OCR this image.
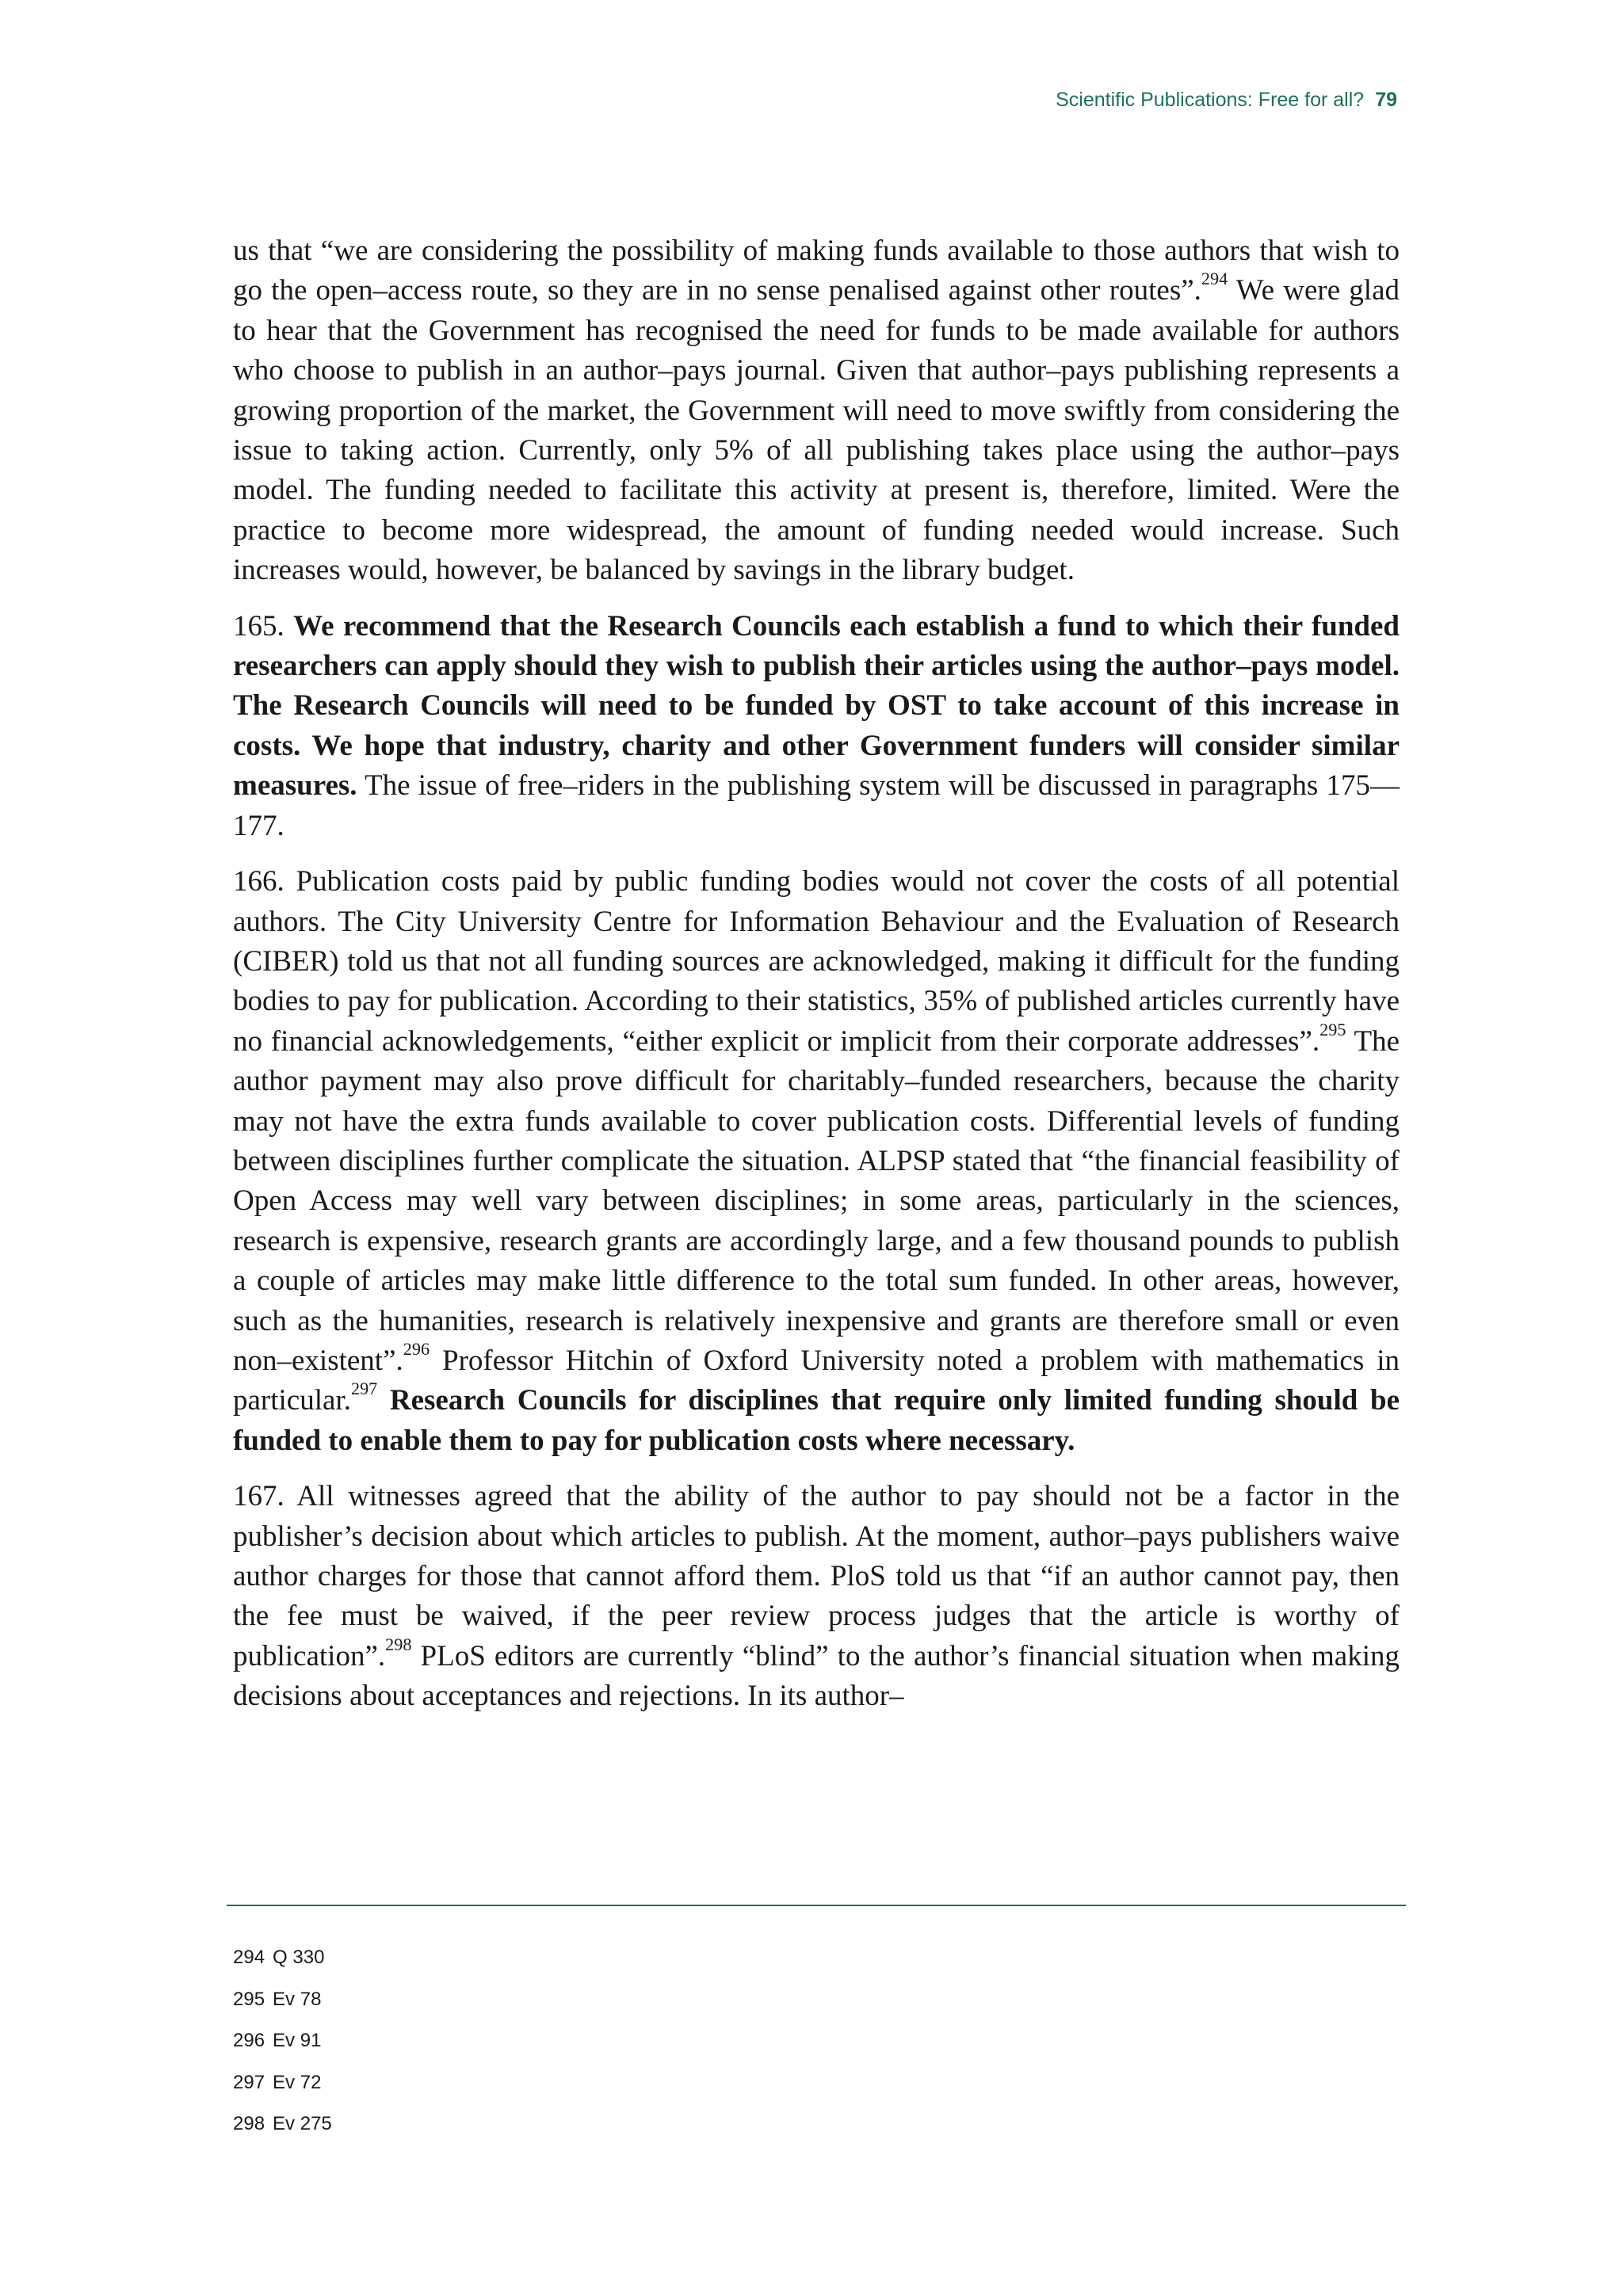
Scientific Publications: Free for all? 79

us that “we are considering the possibility of making funds available to those authors that wish to go the open–access route, so they are in no sense penalised against other routes”.$^{294}$ We were glad to hear that the Government has recognised the need for funds to be made available for authors who choose to publish in an author–pays journal. Given that author–pays publishing represents a growing proportion of the market, the Government will need to move swiftly from considering the issue to taking action. Currently, only 5% of all publishing takes place using the author–pays model. The funding needed to facilitate this activity at present is, therefore, limited. Were the practice to become more widespread, the amount of funding needed would increase. Such increases would, however, be balanced by savings in the library budget.

165. We recommend that the Research Councils each establish a fund to which their funded researchers can apply should they wish to publish their articles using the author–pays model. The Research Councils will need to be funded by OST to take account of this increase in costs. We hope that industry, charity and other Government funders will consider similar measures. The issue of free–riders in the publishing system will be discussed in paragraphs 175—177.

166. Publication costs paid by public funding bodies would not cover the costs of all potential authors. The City University Centre for Information Behaviour and the Evaluation of Research (CIBER) told us that not all funding sources are acknowledged, making it difficult for the funding bodies to pay for publication. According to their statistics, 35% of published articles currently have no financial acknowledgements, “either explicit or implicit from their corporate addresses”.$^{295}$ The author payment may also prove difficult for charitably–funded researchers, because the charity may not have the extra funds available to cover publication costs. Differential levels of funding between disciplines further complicate the situation. ALPSP stated that “the financial feasibility of Open Access may well vary between disciplines; in some areas, particularly in the sciences, research is expensive, research grants are accordingly large, and a few thousand pounds to publish a couple of articles may make little difference to the total sum funded. In other areas, however, such as the humanities, research is relatively inexpensive and grants are therefore small or even non–existent”.$^{296}$ Professor Hitchin of Oxford University noted a problem with mathematics in particular.$^{297}$ Research Councils for disciplines that require only limited funding should be funded to enable them to pay for publication costs where necessary.

167. All witnesses agreed that the ability of the author to pay should not be a factor in the publisher’s decision about which articles to publish. At the moment, author–pays publishers waive author charges for those that cannot afford them. PloS told us that “if an author cannot pay, then the fee must be waived, if the peer review process judges that the article is worthy of publication”.$^{298}$ PLoS editors are currently “blind” to the author’s financial situation when making decisions about acceptances and rejections. In its author–

294 Q 330
295 Ev 78
296 Ev 91
297 Ev 72
298 Ev 275
